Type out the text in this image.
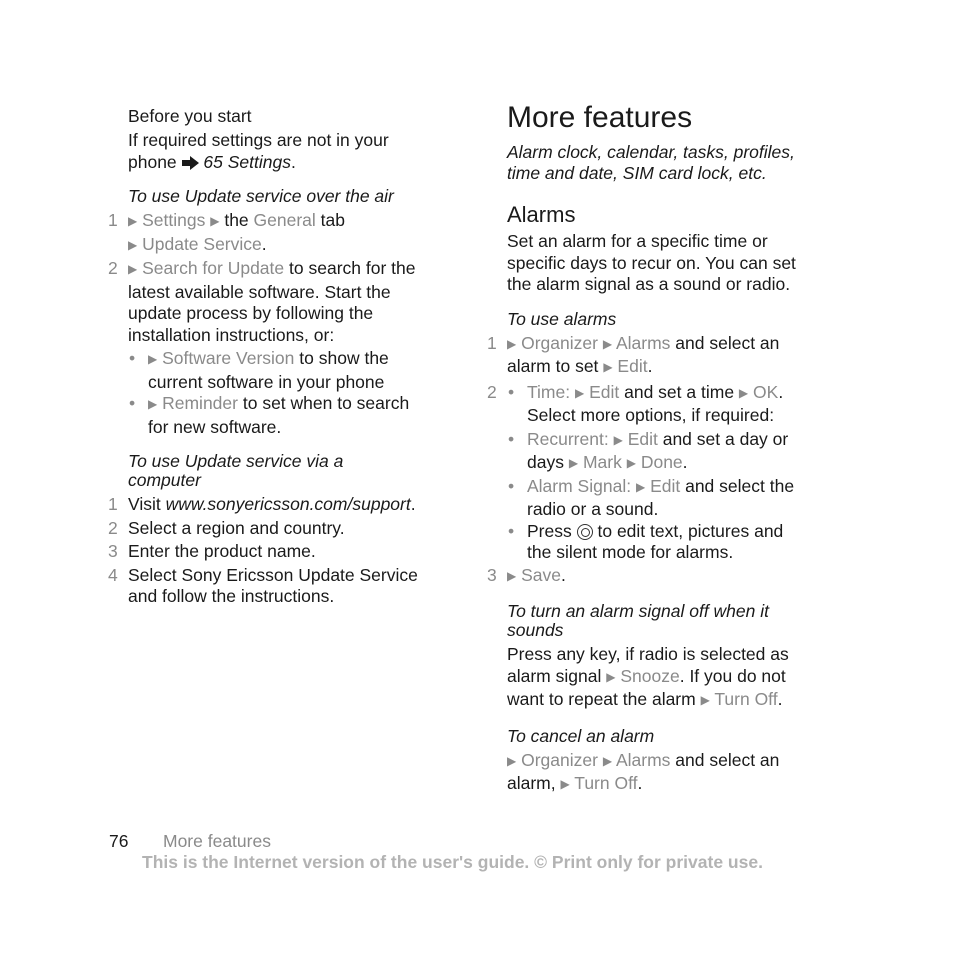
Before you start
If required settings are not in your
phone 65 Settings.
To use Update service over the air
1 ▶ Settings ▶ the General tab
▶ Update Service.
2 ▶ Search for Update to search for the
latest available software. Start the
update process by following the
installation instructions, or:
• ▶ Software Version to show the
current software in your phone
• ▶ Reminder to set when to search
for new software.
To use Update service via a computer
1 Visit www.sonyericsson.com/support.
2 Select a region and country.
3 Enter the product name.
4 Select Sony Ericsson Update Service
and follow the instructions.
More features
Alarm clock, calendar, tasks, profiles,
time and date, SIM card lock, etc.
Alarms
Set an alarm for a specific time or
specific days to recur on. You can set
the alarm signal as a sound or radio.
To use alarms
1 ▶ Organizer ▶ Alarms and select an
alarm to set ▶ Edit.
2 • Time: ▶ Edit and set a time ▶ OK.
Select more options, if required:
• Recurrent: ▶ Edit and set a day or
days ▶ Mark ▶ Done.
• Alarm Signal: ▶ Edit and select the
radio or a sound.
• Press to edit text, pictures and
the silent mode for alarms.
3 ▶ Save.
To turn an alarm signal off when it sounds
Press any key, if radio is selected as
alarm signal ▶ Snooze. If you do not
want to repeat the alarm ▶ Turn Off.
To cancel an alarm
▶ Organizer ▶ Alarms and select an
alarm, ▶ Turn Off.
76 More features
This is the Internet version of the user's guide. © Print only for private use.
